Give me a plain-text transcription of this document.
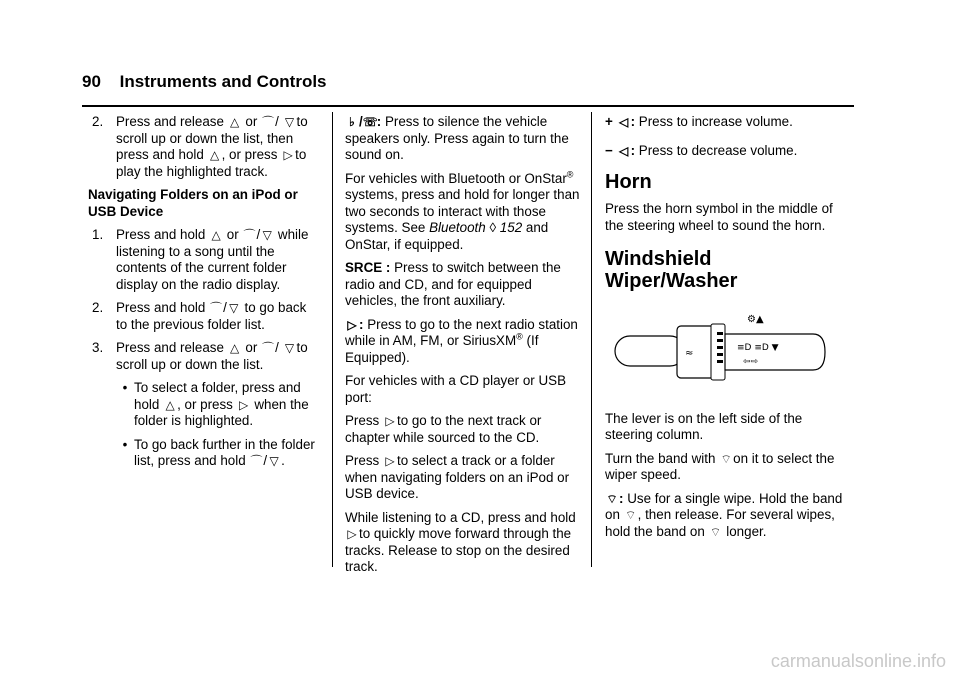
90 Instruments and Controls
2. Press and release △ or ⌒/ ▽ to scroll up or down the list, then press and hold △ , or press ▷ to play the highlighted track.

Navigating Folders on an iPod or USB Device

1. Press and hold △ or ⌒/ ▽ while listening to a song until the contents of the current folder display on the radio display.
2. Press and hold ⌒/ ▽ to go back to the previous folder list.
3. Press and release △ or ⌒/ ▽ to scroll up or down the list.
• To select a folder, press and hold △ , or press ▷ when the folder is highlighted.
• To go back further in the folder list, press and hold ⌒/ ▽ .

♭ /☏: Press to silence the vehicle speakers only. Press again to turn the sound on.

For vehicles with Bluetooth or OnStar® systems, press and hold for longer than two seconds to interact with those systems. See Bluetooth ◊ 152 and OnStar, if equipped.

SRCE : Press to switch between the radio and CD, and for equipped vehicles, the front auxiliary.

▷ : Press to go to the next radio station while in AM, FM, or SiriusXM® (If Equipped).

For vehicles with a CD player or USB port:

Press ▷ to go to the next track or chapter while sourced to the CD.

Press ▷ to select a track or a folder when navigating folders on an iPod or USB device.

While listening to a CD, press and hold ▷ to quickly move forward through the tracks. Release to stop on the desired track.

+ ◁ : Press to increase volume.

− ◁ : Press to decrease volume.

Horn

Press the horn symbol in the middle of the steering wheel to sound the horn.

Windshield Wiper/Washer
≈
⚙▲
≡D ≡D ▼
⇦⇨

The lever is on the left side of the steering column.

Turn the band with ⌔on it to select the wiper speed.

⌔: Use for a single wipe. Hold the band on ⌔, then release. For several wipes, hold the band on ⌔ longer.

carmanualsonline.info
